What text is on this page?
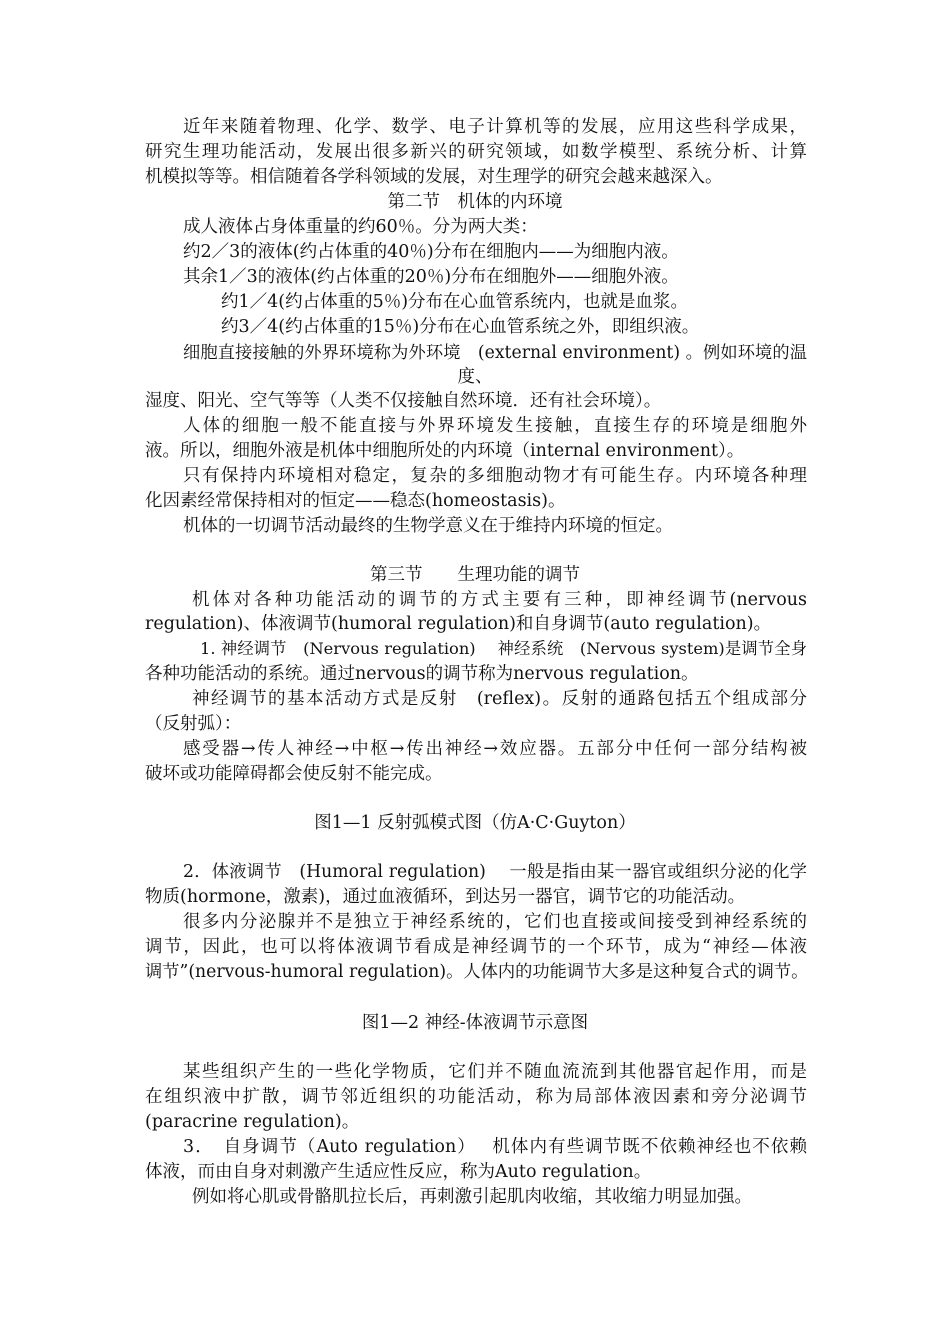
近年来随着物理、化学、数学、电子计算机等的发展，应用这些科学成果，
研究生理功能活动，发展出很多新兴的研究领域，如数学模型、系统分析、计算
机模拟等等。相信随着各学科领域的发展，对生理学的研究会越来越深入。
第二节　机体的内环境
成人液体占身体重量的约60％。分为两大类：
约2／3的液体(约占体重的40％)分布在细胞内——为细胞内液。
其余1／3的液体(约占体重的20％)分布在细胞外——细胞外液。
约1／4(约占体重的5％)分布在心血管系统内，也就是血浆。
约3／4(约占体重的15％)分布在心血管系统之外，即组织液。
细胞直接接触的外界环境称为外环境　(external environment) 。例如环境的温
度、
湿度、阳光、空气等等（人类不仅接触自然环境．还有社会环境）。
人体的细胞一般不能直接与外界环境发生接触，直接生存的环境是细胞外
液。所以，细胞外液是机体中细胞所处的内环境（internal environment）。
只有保持内环境相对稳定，复杂的多细胞动物才有可能生存。内环境各种理
化因素经常保持相对的恒定——稳态(homeostasis)。
机体的一切调节活动最终的生物学意义在于维持内环境的恒定。
第三节　　生理功能的调节
机体对各种功能活动的调节的方式主要有三种，即神经调节(nervous
regulation)、体液调节(humoral regulation)和自身调节(auto regulation)。
1. 神经调节　(Nervous regulation)　 神经系统　(Nervous system)是调节全身
各种功能活动的系统。通过nervous的调节称为nervous regulation。
神经调节的基本活动方式是反射　(reflex)。反射的通路包括五个组成部分
（反射弧）：
感受器→传人神经→中枢→传出神经→效应器。五部分中任何一部分结构被
破坏或功能障碍都会使反射不能完成。
图1—1 反射弧模式图（仿A·C·Guyton）
2．体液调节　(Humoral regulation)　 一般是指由某一器官或组织分泌的化学
物质(hormone，激素)，通过血液循环，到达另一器官，调节它的功能活动。
很多内分泌腺并不是独立于神经系统的，它们也直接或间接受到神经系统的
调节，因此，也可以将体液调节看成是神经调节的一个环节，成为“神经—体液
调节”(nervous-humoral regulation)。人体内的功能调节大多是这种复合式的调节。
图1—2 神经-体液调节示意图
某些组织产生的一些化学物质，它们并不随血流流到其他器官起作用，而是
在组织液中扩散，调节邻近组织的功能活动，称为局部体液因素和旁分泌调节
(paracrine regulation)。
3．　自身调节（Auto regulation）　 机体内有些调节既不依赖神经也不依赖
体液，而由自身对刺激产生适应性反应，称为Auto regulation。
例如将心肌或骨骼肌拉长后，再刺激引起肌肉收缩，其收缩力明显加强。
